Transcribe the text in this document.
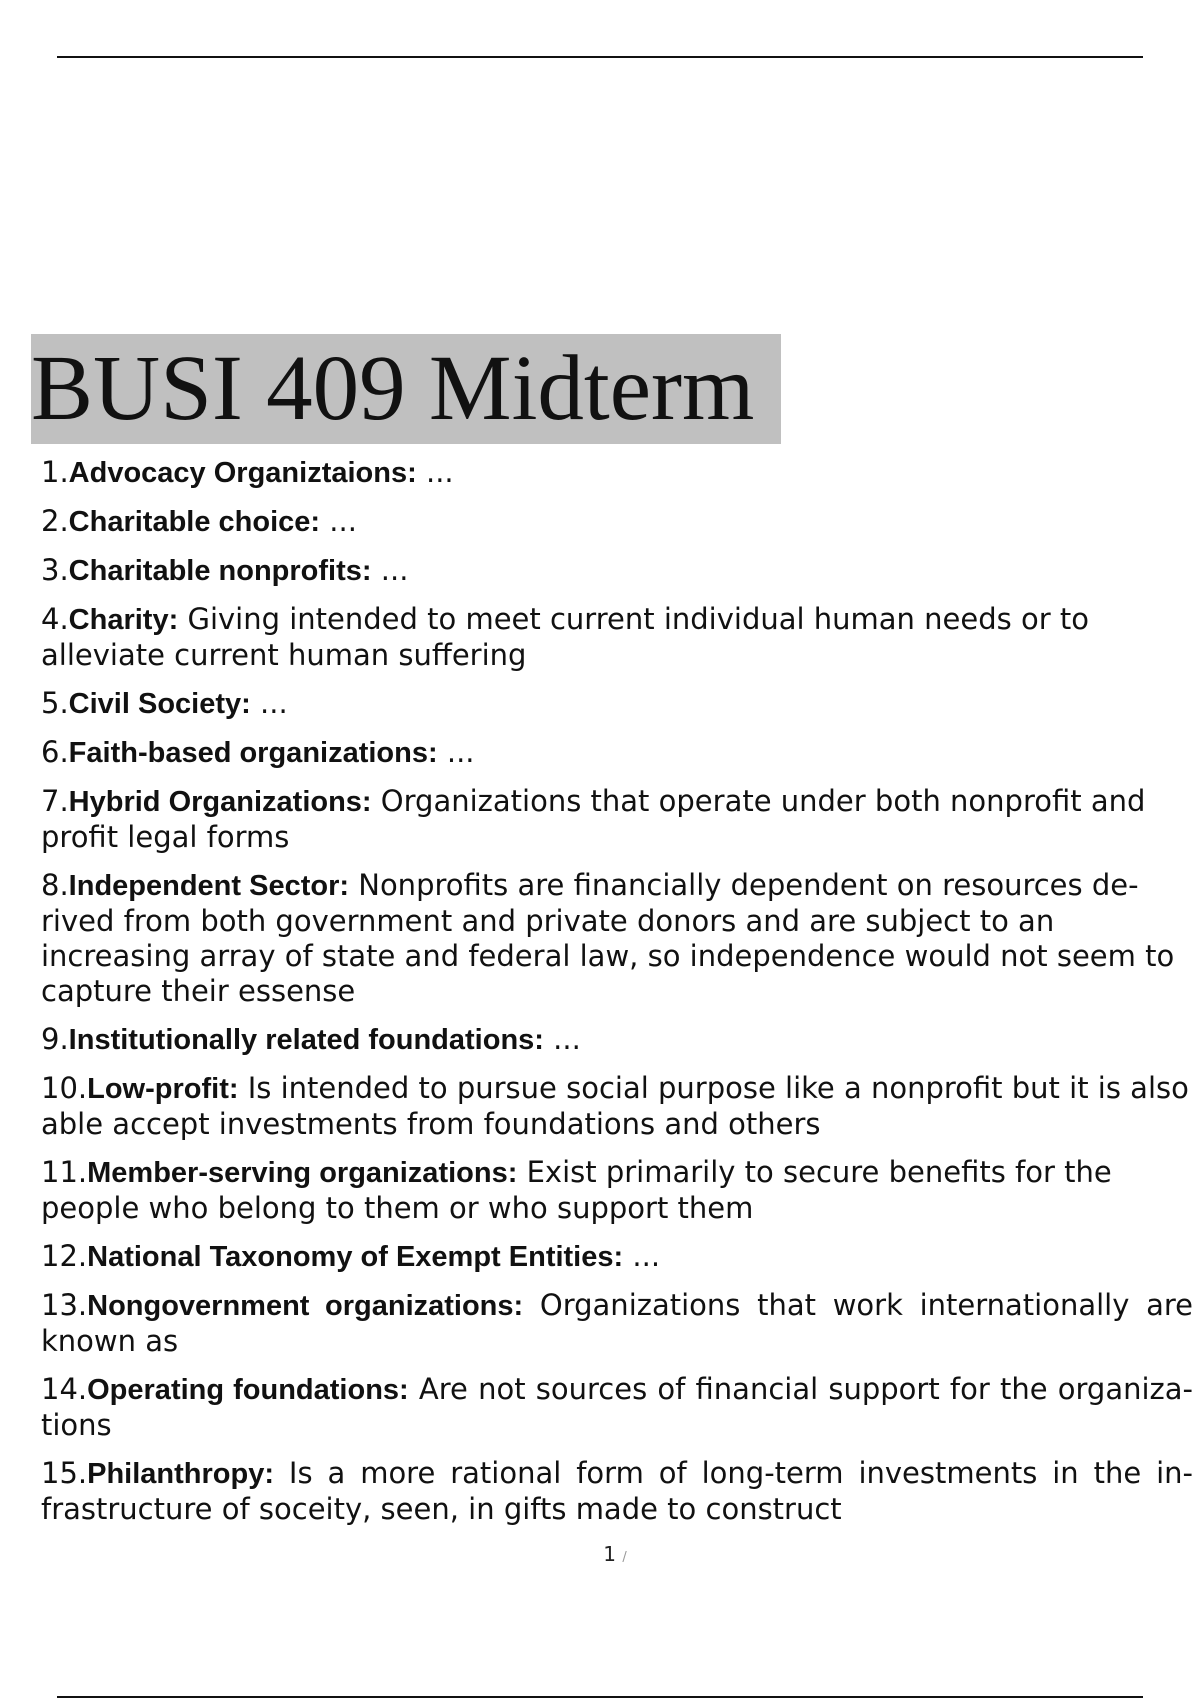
BUSI 409 Midterm
1.Advocacy Organiztaions: ...
2.Charitable choice: ...
3.Charitable nonprofits: ...
4.Charity: Giving intended to meet current individual human needs or to alleviate current human suffering
5.Civil Society: ...
6.Faith-based organizations: ...
7.Hybrid Organizations: Organizations that operate under both nonprofit and profit legal forms
8.Independent Sector: Nonprofits are financially dependent on resources de- rived from both government and private donors and are subject to an increasing array of state and federal law, so independence would not seem to capture their essense
9.Institutionally related foundations: ...
10.Low-profit: Is intended to pursue social purpose like a nonprofit but it is also able accept investments from foundations and others
11.Member-serving organizations: Exist primarily to secure benefits for the people who belong to them or who support them
12.National Taxonomy of Exempt Entities: ...
13.Nongovernment organizations: Organizations that work internationally are known as
14.Operating foundations: Are not sources of financial support for the organiza- tions
15.Philanthropy: Is a more rational form of long-term investments in the in- frastructure of soceity, seen, in gifts made to construct
1 /
